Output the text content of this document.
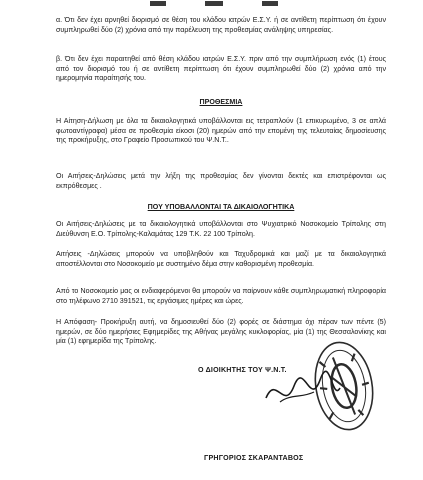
α. Ότι δεν έχει αρνηθεί διορισμό σε θέση του κλάδου ιατρών Ε.Σ.Υ. ή σε αντίθετη περίπτωση ότι έχουν συμπληρωθεί δύο (2) χρόνια από την παρέλευση της προθεσμίας ανάληψης υπηρεσίας.

β. Ότι δεν έχει παραιτηθεί από θέση κλάδου ιατρών Ε.Σ.Υ. πριν από την συμπλήρωση ενός (1) έτους από τον διορισμό του ή σε αντίθετη περίπτωση ότι έχουν συμπληρωθεί δύο (2) χρόνια από την ημερομηνία παραίτησής του.

ΠΡΟΘΕΣΜΙΑ

Η Αίτηση-Δήλωση με όλα τα δικαιολογητικά υποβάλλονται εις τετραπλούν (1 επικυρωμένο, 3 σε απλά φωτοαντίγραφα) μέσα σε προθεσμία είκοσι (20) ημερών από την επομένη της τελευταίας δημοσίευσης της προκήρυξης, στο Γραφείο Προσωπικού του Ψ.Ν.Τ..

Οι Αιτήσεις-Δηλώσεις μετά την λήξη της προθεσμίας δεν γίνονται δεκτές και επιστρέφονται ως εκπρόθεσμες .

ΠΟΥ ΥΠΟΒΑΛΛΟΝΤΑΙ ΤΑ ΔΙΚΑΙΟΛΟΓΗΤΙΚΑ

Οι Αιτήσεις-Δηλώσεις με τα δικαιολογητικά υποβάλλονται στο Ψυχιατρικό Νοσοκομείο Τρίπολης στη Διεύθυνση Ε.Ο. Τρίπολης-Καλαμάτας 129 Τ.Κ. 22 100 Τρίπολη.

Αιτήσεις -Δηλώσεις μπορούν να υποβληθούν και Ταχυδρομικά και μαζί με τα δικαιολογητικά αποστέλλονται στο Νοσοκομείο με συστημένο δέμα στην καθορισμένη προθεσμία.

Από το Νοσοκομείο μας οι ενδιαφερόμενοι θα μπορούν να παίρνουν κάθε συμπληρωματική πληροφορία στο τηλέφωνο 2710 391521, τις εργάσιμες ημέρες και ώρες.

Η Απόφαση- Προκήρυξη αυτή, να δημοσιευθεί δύο (2) φορές σε διάστημα όχι πέραν των πέντε (5) ημερών, σε δύο ημερήσιες Εφημερίδες της Αθήνας μεγάλης κυκλοφορίας, μία (1) της Θεσσαλονίκης και μία (1) εφημερίδα της Τρίπολης.

Ο ΔΙΟΙΚΗΤΗΣ ΤΟΥ Ψ.Ν.Τ.

ΓΡΗΓΟΡΙΟΣ ΣΚΑΡΑΝΤΑΒΟΣ
